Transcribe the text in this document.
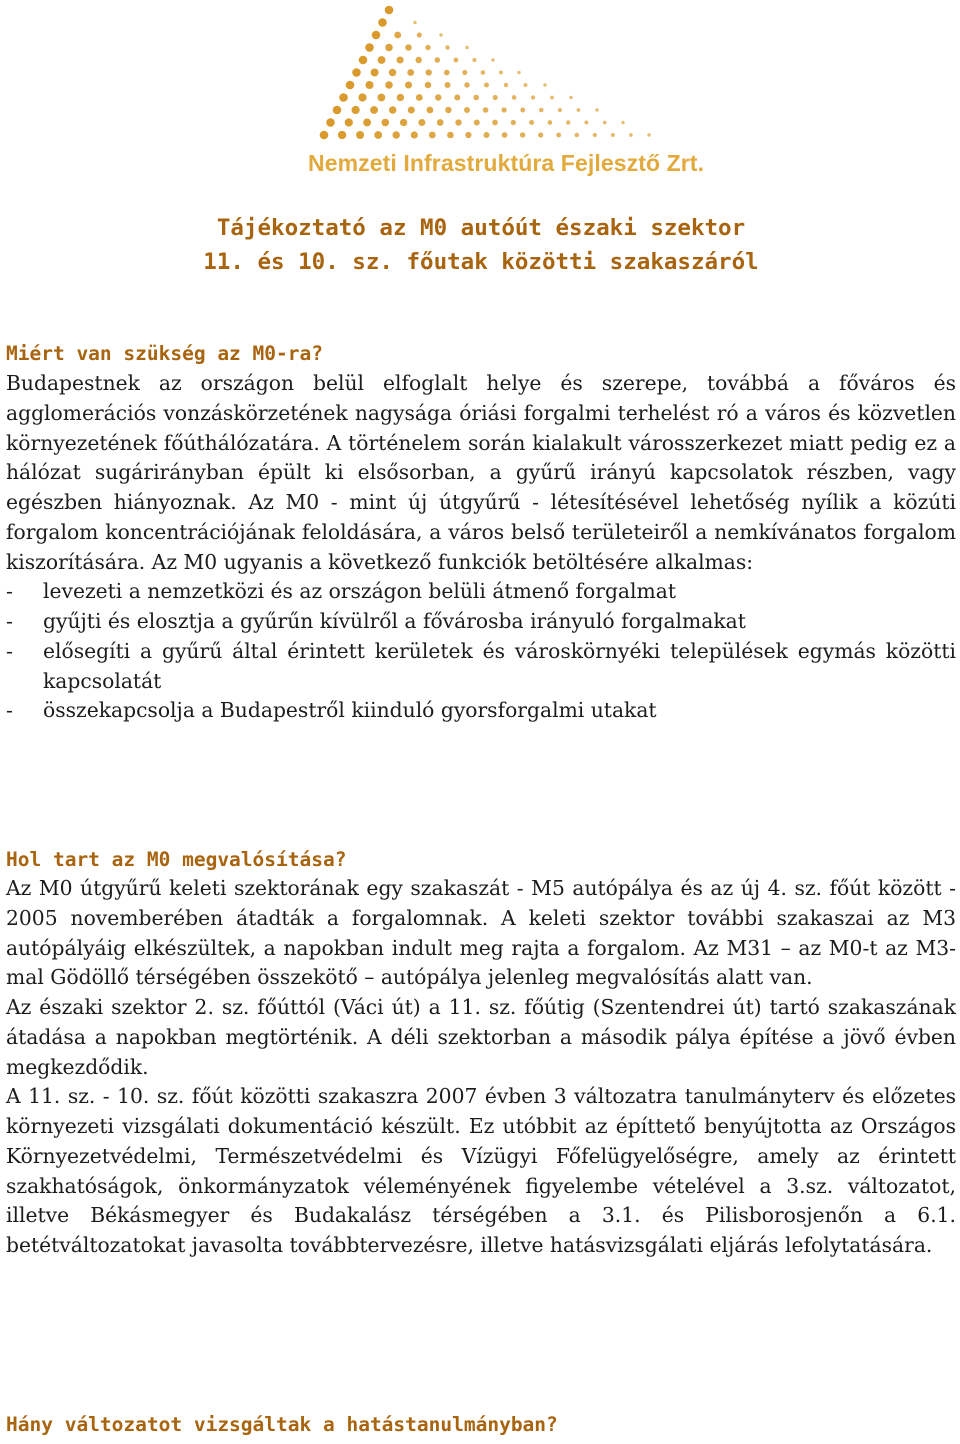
Nemzeti Infrastruktúra Fejlesztő Zrt.
Tájékoztató az M0 autóút északi szektor
11. és 10. sz. főutak közötti szakaszáról
Miért van szükség az M0-ra?

Budapestnek az országon belül elfoglalt helye és szerepe, továbbá a főváros és agglomerációs vonzáskörzetének nagysága óriási forgalmi terhelést ró a város és közvetlen környezetének főúthálózatára. A történelem során kialakult városszerkezet miatt pedig ez a hálózat sugárirányban épült ki elsősorban, a gyűrű irányú kapcsolatok részben, vagy egészben hiányoznak. Az M0 - mint új útgyűrű - létesítésével lehetőség nyílik a közúti forgalom koncentrációjának feloldására, a város belső területeiről a nemkívánatos forgalom kiszorítására. Az M0 ugyanis a következő funkciók betöltésére alkalmas:

- levezeti a nemzetközi és az országon belüli átmenő forgalmat

- gyűjti és elosztja a gyűrűn kívülről a fővárosba irányuló forgalmakat

- elősegíti a gyűrű által érintett kerületek és városkörnyéki települések egymás közötti kapcsolatát

- összekapcsolja a Budapestről kiinduló gyorsforgalmi utakat

Hol tart az M0 megvalósítása?

Az M0 útgyűrű keleti szektorának egy szakaszát - M5 autópálya és az új 4. sz. főút között - 2005 novemberében átadták a forgalomnak. A keleti szektor további szakaszai az M3 autópályáig elkészültek, a napokban indult meg rajta a forgalom. Az M31 – az M0-t az M3-mal Gödöllő térségében összekötő – autópálya jelenleg megvalósítás alatt van.

Az északi szektor 2. sz. főúttól (Váci út) a 11. sz. főútig (Szentendrei út) tartó szakaszának átadása a napokban megtörténik. A déli szektorban a második pálya építése a jövő évben megkezdődik.

A 11. sz. - 10. sz. főút közötti szakaszra 2007 évben 3 változatra tanulmányterv és előzetes környezeti vizsgálati dokumentáció készült. Ez utóbbit az építtető benyújtotta az Országos Környezetvédelmi, Természetvédelmi és Vízügyi Főfelügyelőségre, amely az érintett szakhatóságok, önkormányzatok véleményének figyelembe vételével a 3.sz. változatot, illetve Békásmegyer és Budakalász térségében a 3.1. és Pilisborosjenőn a 6.1. betétváltozatokat javasolta továbbtervezésre, illetve hatásvizsgálati eljárás lefolytatására.

Hány változatot vizsgáltak a hatástanulmányban?
